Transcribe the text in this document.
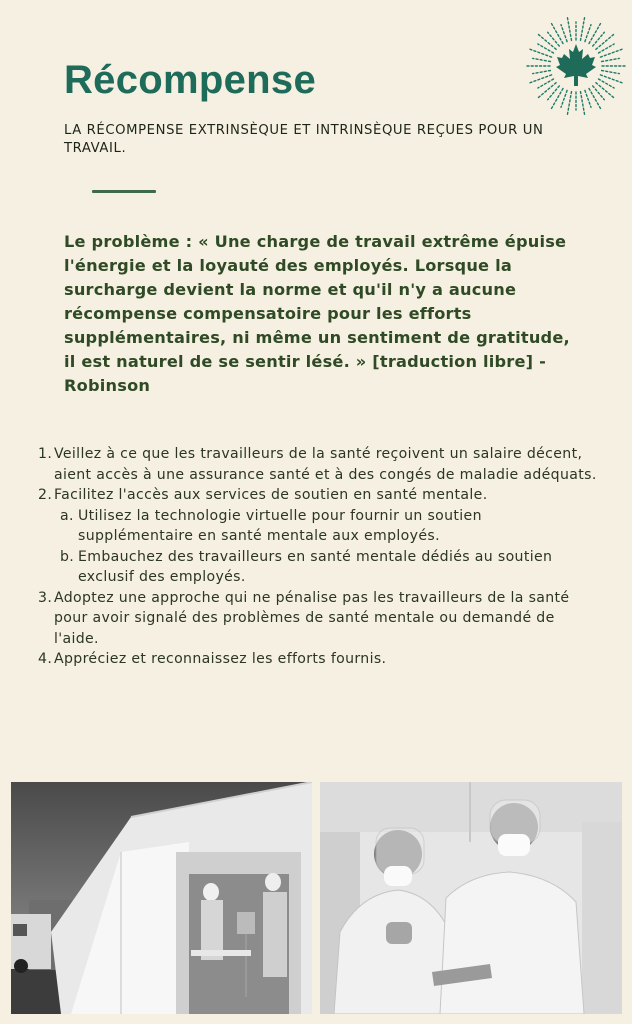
Récompense

LA RÉCOMPENSE EXTRINSÈQUE ET INTRINSÈQUE REÇUES POUR UN TRAVAIL.

Le problème : « Une charge de travail extrême épuise l'énergie et la loyauté des employés. Lorsque la surcharge devient la norme et qu'il n'y a aucune récompense compensatoire pour les efforts supplémentaires, ni même un sentiment de gratitude, il est naturel de se sentir lésé. » [traduction libre] - Robinson

1. Veillez à ce que les travailleurs de la santé reçoivent un salaire décent, aient accès à une assurance santé et à des congés de maladie adéquats.
2. Facilitez l'accès aux services de soutien en santé mentale.
a. Utilisez la technologie virtuelle pour fournir un soutien supplémentaire en santé mentale aux employés.
b. Embauchez des travailleurs en santé mentale dédiés au soutien exclusif des employés.
3. Adoptez une approche qui ne pénalise pas les travailleurs de la santé pour avoir signalé des problèmes de santé mentale ou demandé de l'aide.
4. Appréciez et reconnaissez les efforts fournis.
